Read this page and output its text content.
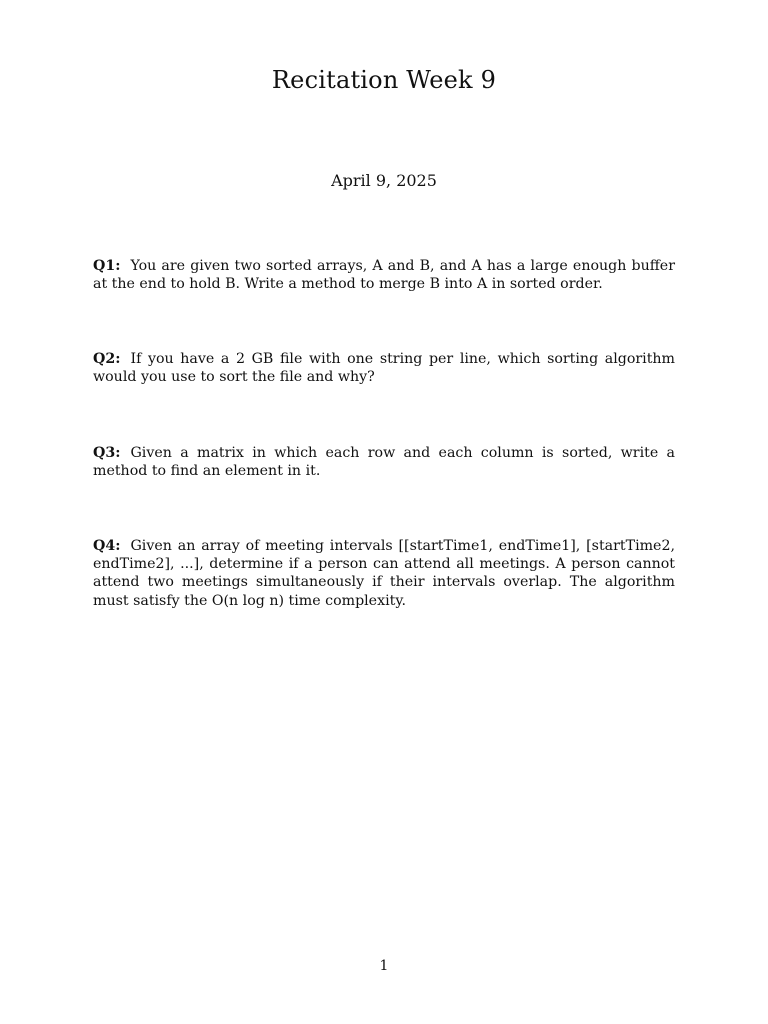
Recitation Week 9

April 9, 2025

Q1: You are given two sorted arrays, A and B, and A has a large enough buffer at the end to hold B. Write a method to merge B into A in sorted order.

Q2: If you have a 2 GB file with one string per line, which sorting algorithm would you use to sort the file and why?

Q3: Given a matrix in which each row and each column is sorted, write a method to find an element in it.

Q4: Given an array of meeting intervals [[startTime1, endTime1], [startTime2, endTime2], ...], determine if a person can attend all meetings. A person cannot attend two meetings simultaneously if their intervals overlap. The algorithm must satisfy the O(n log n) time complexity.

1
